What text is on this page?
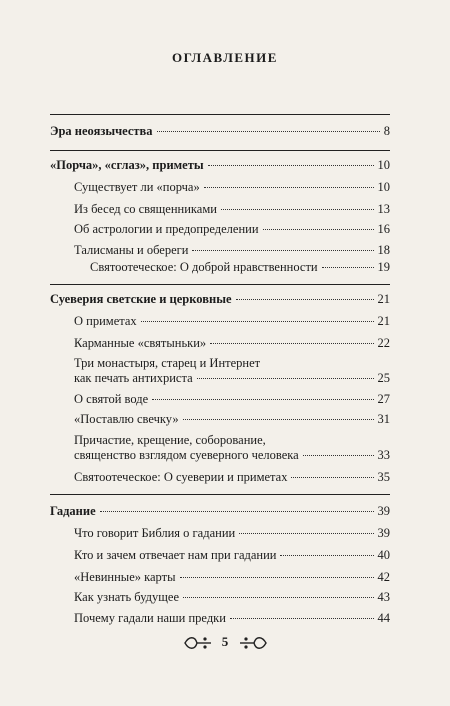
оглавление
Эра неоязычества	8
«Порча», «сглаз», приметы	10
Существует ли «порча»	10
Из бесед со священниками	13
Об астрологии и предопределении	16
Талисманы и обереги	18
Святоотеческое: О доброй нравственности	19
Суеверия светские и церковные	21
О приметах	21
Карманные «святыньки»	22
Три монастыря, старец и Интернет
как печать антихриста	25
О святой воде	27
«Поставлю свечку»	31
Причастие, крещение, соборование,
священство взглядом суеверного человека	33
Святоотеческое: О суеверии и приметах	35
Гадание	39
Что говорит Библия о гадании	39
Кто и зачем отвечает нам при гадании	40
«Невинные» карты	42
Как узнать будущее	43
Почему гадали наши предки	44
5
